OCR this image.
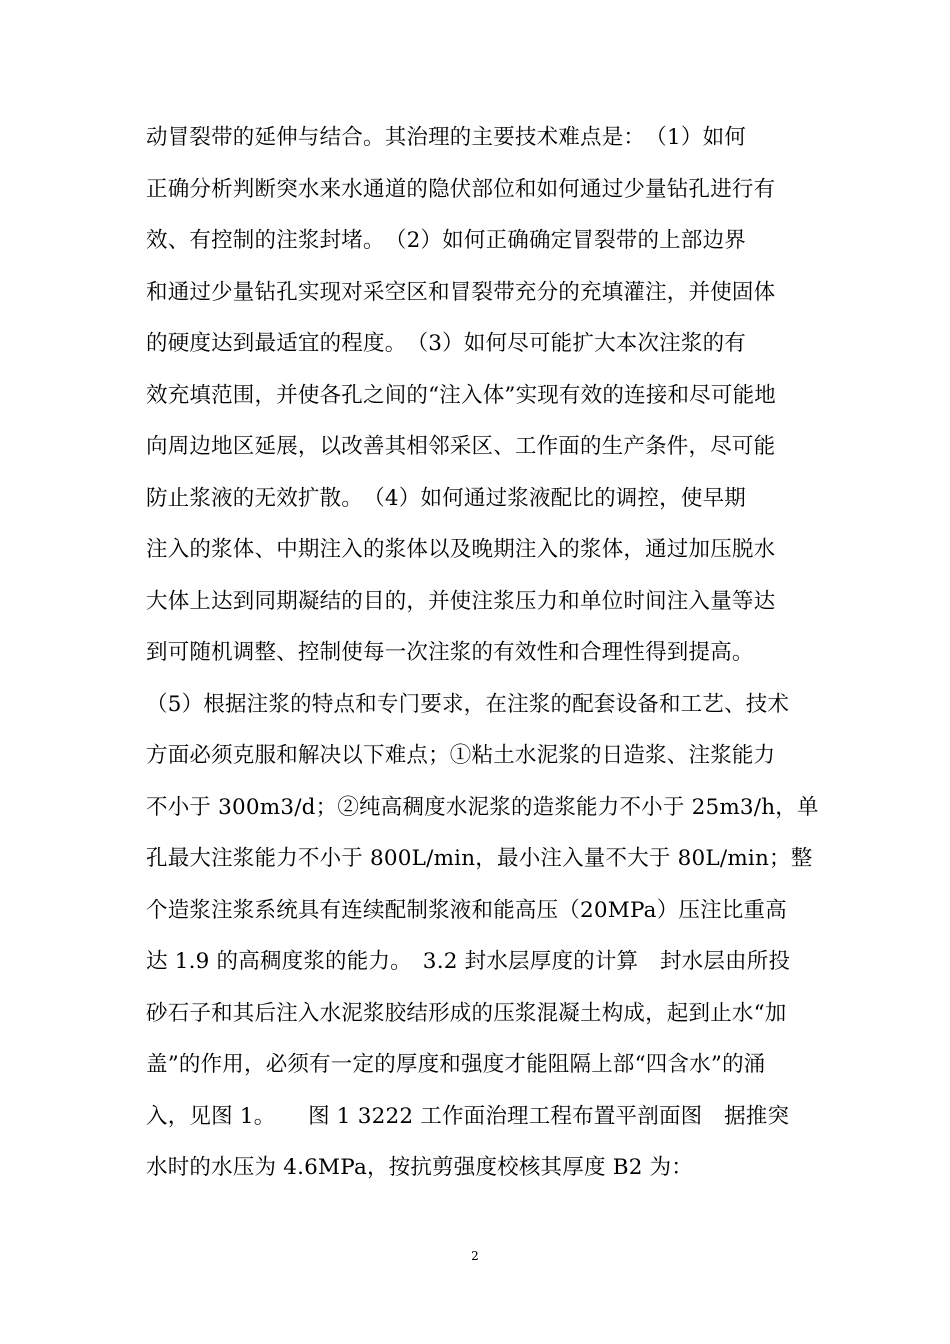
动冒裂带的延伸与结合。其治理的主要技术难点是：　（1）如何
正确分析判断突水来水通道的隐伏部位和如何通过少量钻孔进行有
效、有控制的注浆封堵。　（2）如何正确确定冒裂带的上部边界
和通过少量钻孔实现对采空区和冒裂带充分的充填灌注，并使固体
的硬度达到最适宜的程度。　（3）如何尽可能扩大本次注浆的有
效充填范围，并使各孔之间的“注入体”实现有效的连接和尽可能地
向周边地区延展，以改善其相邻采区、工作面的生产条件，尽可能
防止浆液的无效扩散。　（4）如何通过浆液配比的调控，使早期
注入的浆体、中期注入的浆体以及晚期注入的浆体，通过加压脱水
大体上达到同期凝结的目的，并使注浆压力和单位时间注入量等达
到可随机调整、控制使每一次注浆的有效性和合理性得到提高。
（5）根据注浆的特点和专门要求，在注浆的配套设备和工艺、技术
方面必须克服和解决以下难点；①粘土水泥浆的日造浆、注浆能力
不小于 300m3/d；②纯高稠度水泥浆的造浆能力不小于 25m3/h，单
孔最大注浆能力不小于 800L/min，最小注入量不大于 80L/min；整
个造浆注浆系统具有连续配制浆液和能高压（20MPa）压注比重高
达 1.9 的高稠度浆的能力。　3.2 封水层厚度的计算　封水层由所投
砂石子和其后注入水泥浆胶结形成的压浆混凝土构成，起到止水“加
盖”的作用，必须有一定的厚度和强度才能阻隔上部“四含水”的涌
入，见图 1。　　图 1 3222 工作面治理工程布置平剖面图　据推突
水时的水压为 4.6MPa，按抗剪强度校核其厚度 B2 为：
2
